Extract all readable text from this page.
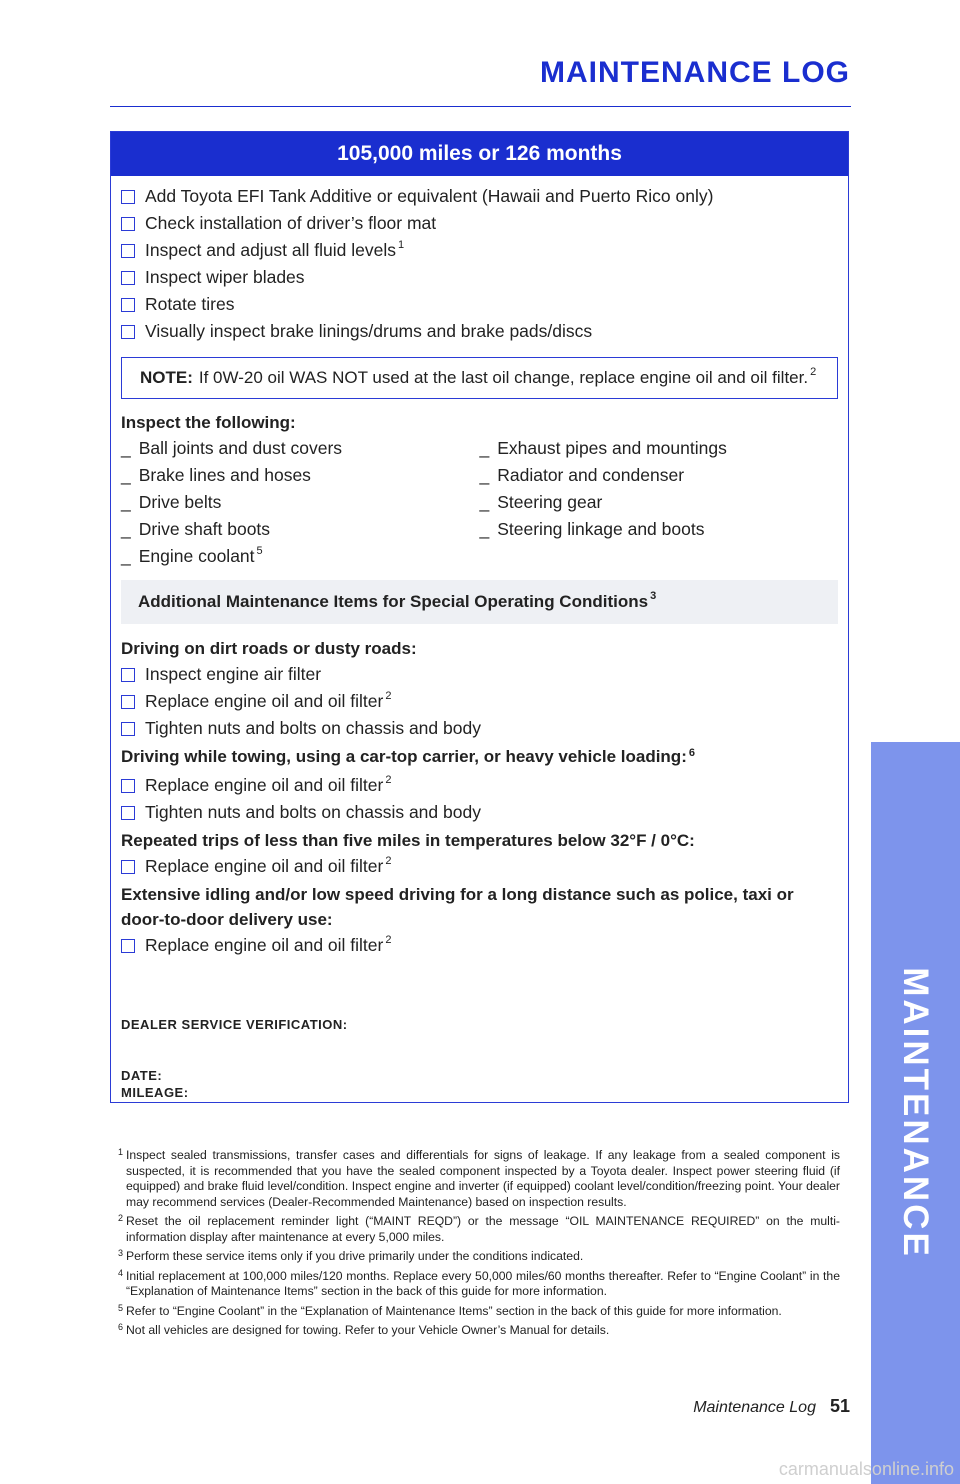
MAINTENANCE LOG
105,000 miles or 126 months
Add Toyota EFI Tank Additive or equivalent (Hawaii and Puerto Rico only)
Check installation of driver’s floor mat
Inspect and adjust all fluid levels$^1$
Inspect wiper blades
Rotate tires
Visually inspect brake linings/drums and brake pads/discs
NOTE: If 0W-20 oil WAS NOT used at the last oil change, replace engine oil and oil filter.$^2$
Inspect the following:
_ Ball joints and dust covers
_ Brake lines and hoses
_ Drive belts
_ Drive shaft boots
_ Engine coolant$^5$
_ Exhaust pipes and mountings
_ Radiator and condenser
_ Steering gear
_ Steering linkage and boots
Additional Maintenance Items for Special Operating Conditions$^3$
Driving on dirt roads or dusty roads:
Inspect engine air filter
Replace engine oil and oil filter$^2$
Tighten nuts and bolts on chassis and body
Driving while towing, using a car-top carrier, or heavy vehicle loading: $^6$
Replace engine oil and oil filter$^2$
Tighten nuts and bolts on chassis and body
Repeated trips of less than five miles in temperatures below 32°F / 0°C:
Replace engine oil and oil filter$^2$
Extensive idling and/or low speed driving for a long distance such as police, taxi or door-to-door delivery use:
Replace engine oil and oil filter$^2$
DEALER SERVICE VERIFICATION:
DATE:
MILEAGE:
1 Inspect sealed transmissions, transfer cases and differentials for signs of leakage. If any leakage from a sealed component is suspected, it is recommended that you have the sealed component inspected by a Toyota dealer. Inspect power steering fluid (if equipped) and brake fluid level/condition. Inspect engine and inverter (if equipped) coolant level/condition/freezing point. Your dealer may recommend services (Dealer-Recommended Maintenance) based on inspection results.
2 Reset the oil replacement reminder light (“MAINT REQD”) or the message “OIL MAINTENANCE REQUIRED” on the multi-information display after maintenance at every 5,000 miles.
3 Perform these service items only if you drive primarily under the conditions indicated.
4 Initial replacement at 100,000 miles/120 months. Replace every 50,000 miles/60 months thereafter. Refer to “Engine Coolant” in the “Explanation of Maintenance Items” section in the back of this guide for more information.
5 Refer to “Engine Coolant” in the “Explanation of Maintenance Items” section in the back of this guide for more information.
6 Not all vehicles are designed for towing. Refer to your Vehicle Owner’s Manual for details.
Maintenance Log 51
MAINTENANCE
carmanualsonline.info
